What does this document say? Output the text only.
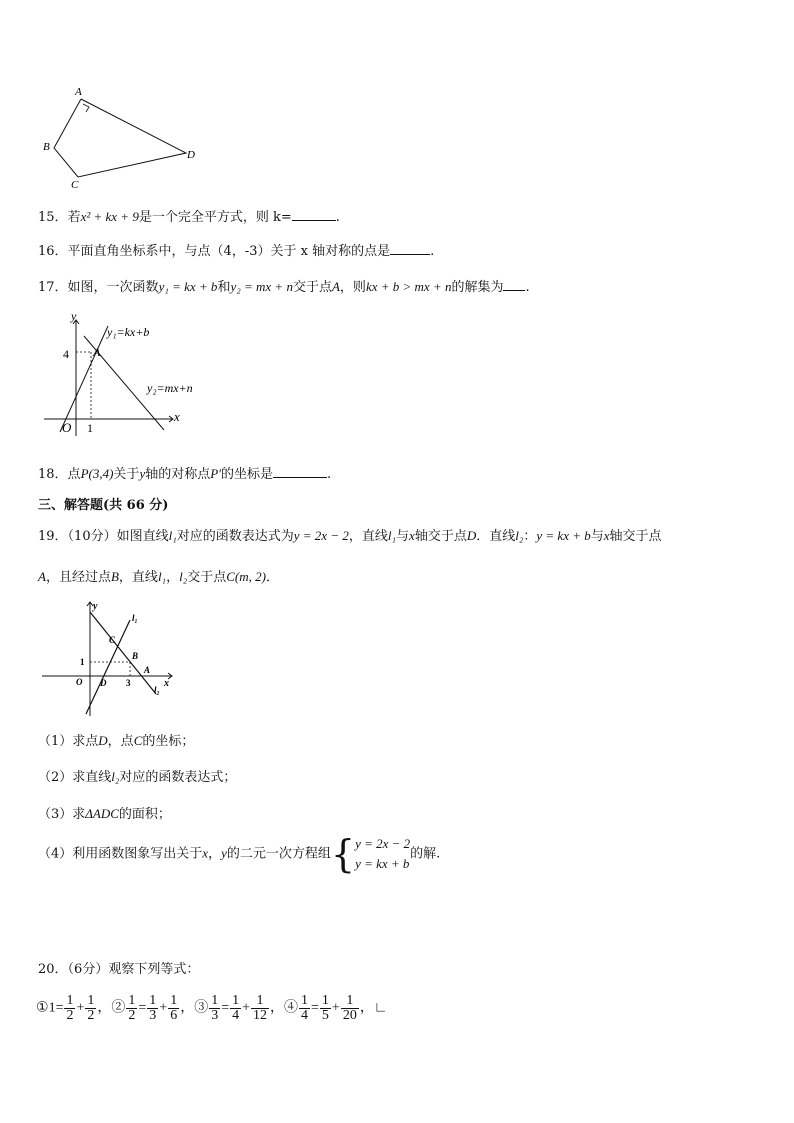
A
B
C
D
15．若x² + kx + 9是一个完全平方式，则 k=	.
16．平面直角坐标系中，与点（4，-3）关于 x 轴对称的点是	.
17．如图，一次函数y₁ = kx + b和y₂ = mx + n交于点A，则kx + b > mx + n的解集为 .
y
x
O 1
4 A
y₁=kx+b
y₂=mx+n
18．点P(3,4)关于y轴的对称点P′的坐标是	.
三、解答题(共 66 分)
19．（10分）如图直线l₁对应的函数表达式为y = 2x − 2，直线l₁与x轴交于点D．直线l₂：y = kx + b与x轴交于点
A，且经过点B，直线l₁，l₂交于点C(m, 2)．
y
x
O D
C
B
A
1
3
l₁
l₂
（1）求点D，点C的坐标；
（2）求直线l₂对应的函数表达式；
（3）求ΔADC的面积；
（4）利用函数图象写出关于x，y的二元一次方程组{ y = 2x − 2
y = kx + b
的解.
20．（6分）观察下列等式：
①1= $\frac{1}{2} + \frac{1}{2}$ ，② $\frac{1}{2} = \frac{1}{3} + \frac{1}{6}$ ，③ $\frac{1}{3} = \frac{1}{4} + \frac{1}{12}$ ，④ $\frac{1}{4} = \frac{1}{5} + \frac{1}{20}$ ，∟
